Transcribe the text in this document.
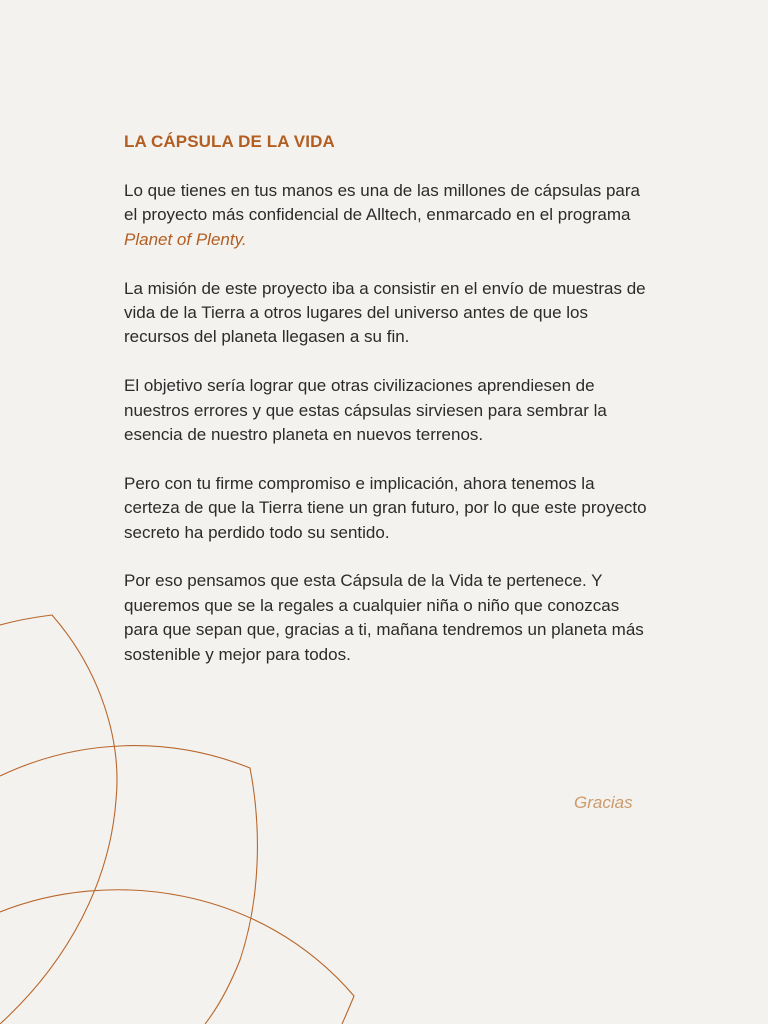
LA CÁPSULA DE LA VIDA

Lo que tienes en tus manos es una de las millones de cápsulas para el proyecto más confidencial de Alltech, enmarcado en el programa Planet of Plenty.

La misión de este proyecto iba a consistir en el envío de muestras de vida de la Tierra a otros lugares del universo antes de que los recursos del planeta llegasen a su fin.

El objetivo sería lograr que otras civilizaciones aprendiesen de nuestros errores y que estas cápsulas sirviesen para sembrar la esencia de nuestro planeta en nuevos terrenos.

Pero con tu firme compromiso e implicación, ahora tenemos la certeza de que la Tierra tiene un gran futuro, por lo que este proyecto secreto ha perdido todo su sentido.

Por eso pensamos que esta Cápsula de la Vida te pertenece. Y queremos que se la regales a cualquier niña o niño que conozcas para que sepan que, gracias a ti, mañana tendremos un planeta más sostenible y mejor para todos.

Gracias
